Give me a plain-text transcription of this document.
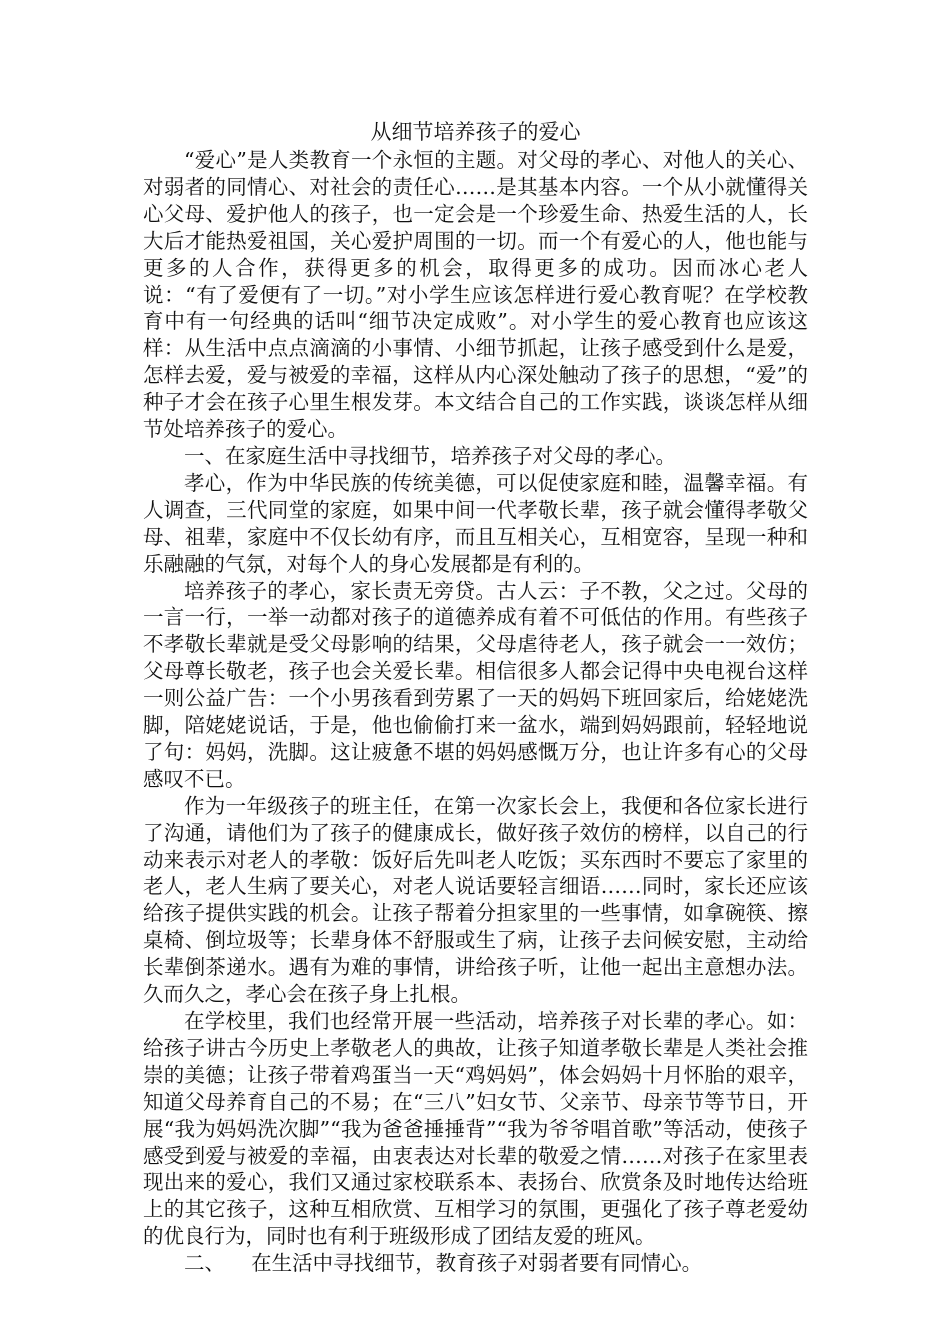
从细节培养孩子的爱心

“爱心”是人类教育一个永恒的主题。对父母的孝心、对他人的关心、对弱者的同情心、对社会的责任心……是其基本内容。一个从小就懂得关心父母、爱护他人的孩子，也一定会是一个珍爱生命、热爱生活的人，长大后才能热爱祖国，关心爱护周围的一切。而一个有爱心的人，他也能与更多的人合作，获得更多的机会，取得更多的成功。因而冰心老人说：“有了爱便有了一切。”对小学生应该怎样进行爱心教育呢？在学校教育中有一句经典的话叫“细节决定成败”。对小学生的爱心教育也应该这样：从生活中点点滴滴的小事情、小细节抓起，让孩子感受到什么是爱，怎样去爱，爱与被爱的幸福，这样从内心深处触动了孩子的思想，“爱”的种子才会在孩子心里生根发芽。本文结合自己的工作实践，谈谈怎样从细节处培养孩子的爱心。

一、在家庭生活中寻找细节，培养孩子对父母的孝心。

孝心，作为中华民族的传统美德，可以促使家庭和睦，温馨幸福。有人调查，三代同堂的家庭，如果中间一代孝敬长辈，孩子就会懂得孝敬父母、祖辈，家庭中不仅长幼有序，而且互相关心，互相宽容，呈现一种和乐融融的气氛，对每个人的身心发展都是有利的。

培养孩子的孝心，家长责无旁贷。古人云：子不教，父之过。父母的一言一行，一举一动都对孩子的道德养成有着不可低估的作用。有些孩子不孝敬长辈就是受父母影响的结果，父母虐待老人，孩子就会一一效仿；父母尊长敬老，孩子也会关爱长辈。相信很多人都会记得中央电视台这样一则公益广告：一个小男孩看到劳累了一天的妈妈下班回家后，给姥姥洗脚，陪姥姥说话，于是，他也偷偷打来一盆水，端到妈妈跟前，轻轻地说了句：妈妈，洗脚。这让疲惫不堪的妈妈感慨万分，也让许多有心的父母感叹不已。

作为一年级孩子的班主任，在第一次家长会上，我便和各位家长进行了沟通，请他们为了孩子的健康成长，做好孩子效仿的榜样，以自己的行动来表示对老人的孝敬：饭好后先叫老人吃饭；买东西时不要忘了家里的老人，老人生病了要关心，对老人说话要轻言细语……同时，家长还应该给孩子提供实践的机会。让孩子帮着分担家里的一些事情，如拿碗筷、擦桌椅、倒垃圾等；长辈身体不舒服或生了病，让孩子去问候安慰，主动给长辈倒茶递水。遇有为难的事情，讲给孩子听，让他一起出主意想办法。久而久之，孝心会在孩子身上扎根。

在学校里，我们也经常开展一些活动，培养孩子对长辈的孝心。如：给孩子讲古今历史上孝敬老人的典故，让孩子知道孝敬长辈是人类社会推崇的美德；让孩子带着鸡蛋当一天“鸡妈妈”，体会妈妈十月怀胎的艰辛，知道父母养育自己的不易；在“三八”妇女节、父亲节、母亲节等节日，开展“我为妈妈洗次脚”“我为爸爸捶捶背”“我为爷爷唱首歌”等活动，使孩子感受到爱与被爱的幸福，由衷表达对长辈的敬爱之情……对孩子在家里表现出来的爱心，我们又通过家校联系本、表扬台、欣赏条及时地传达给班上的其它孩子，这种互相欣赏、互相学习的氛围，更强化了孩子尊老爱幼的优良行为，同时也有利于班级形成了团结友爱的班风。

二、    在生活中寻找细节，教育孩子对弱者要有同情心。
